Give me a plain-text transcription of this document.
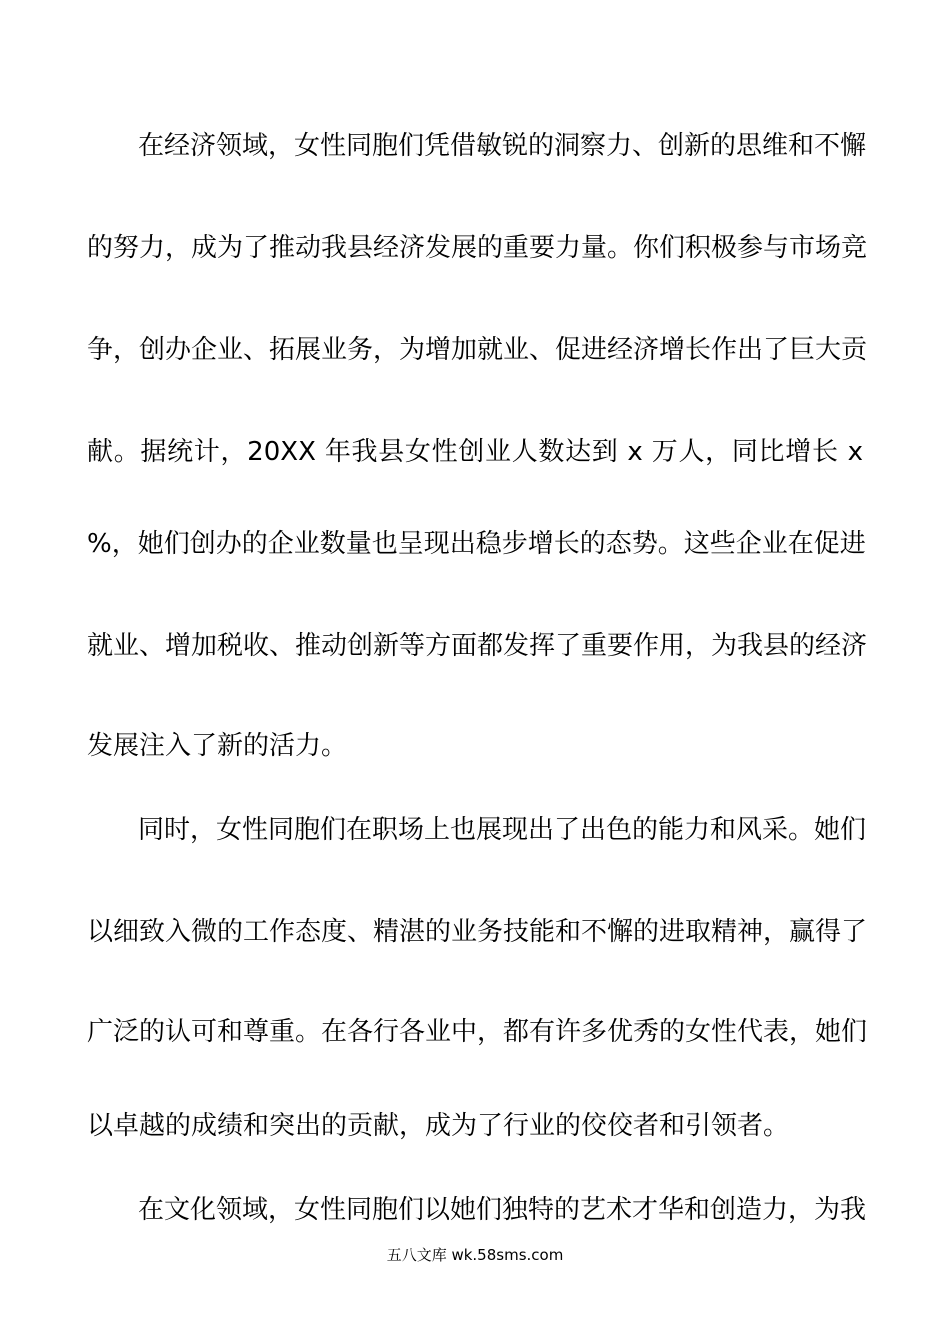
在经济领域，女性同胞们凭借敏锐的洞察力、创新的思维和不懈
的努力，成为了推动我县经济发展的重要力量。你们积极参与市场竞
争，创办企业、拓展业务，为增加就业、促进经济增长作出了巨大贡
献。据统计，20XX 年我县女性创业人数达到 x 万人，同比增长 x
%，她们创办的企业数量也呈现出稳步增长的态势。这些企业在促进
就业、增加税收、推动创新等方面都发挥了重要作用，为我县的经济
发展注入了新的活力。
同时，女性同胞们在职场上也展现出了出色的能力和风采。她们
以细致入微的工作态度、精湛的业务技能和不懈的进取精神，赢得了
广泛的认可和尊重。在各行各业中，都有许多优秀的女性代表，她们
以卓越的成绩和突出的贡献，成为了行业的佼佼者和引领者。
在文化领域，女性同胞们以她们独特的艺术才华和创造力，为我
五八文库 wk.58sms.com
